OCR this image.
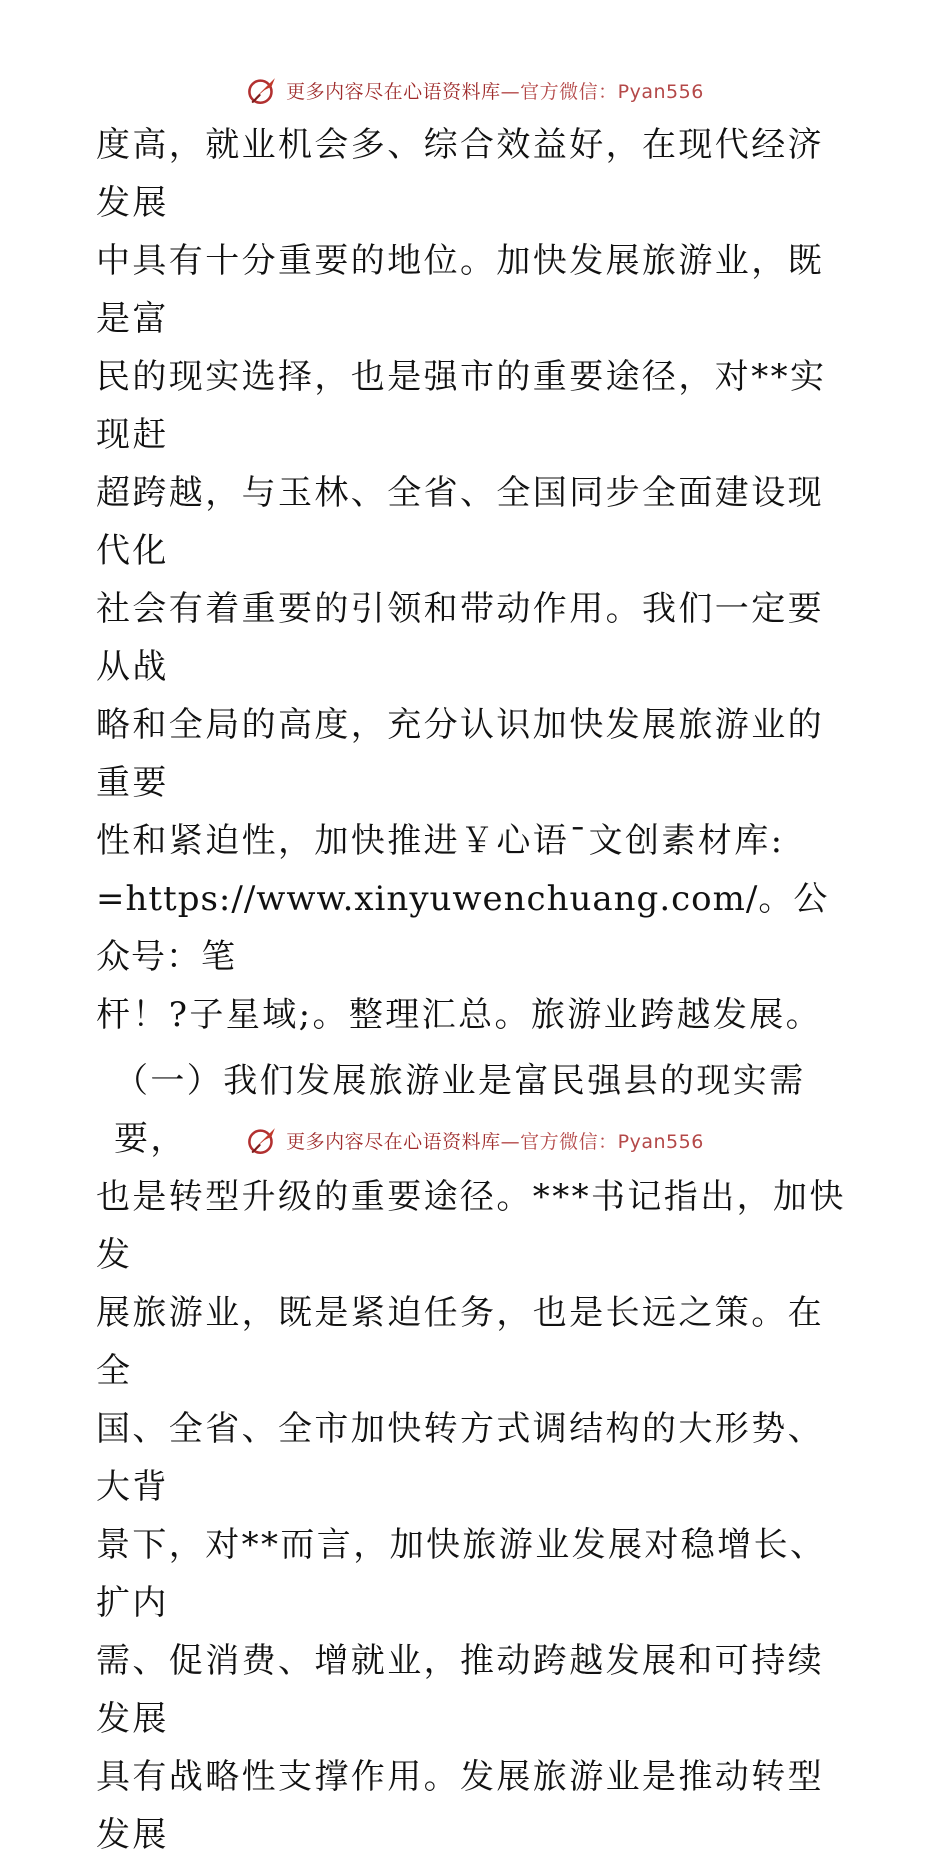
更多内容尽在心语资料库 —官方微信：Pyan556
度高，就业机会多、综合效益好，在现代经济发展
中具有十分重要的地位。加快发展旅游业，既是富
民的现实选择，也是强市的重要途径，对**实现赶
超跨越，与玉林、全省、全国同步全面建设现代化
社会有着重要的引领和带动作用。我们一定要从战
略和全局的高度，充分认识加快发展旅游业的重要
性和紧迫性，加快推进￥心语¯文创素材库:
=https://www.xinyuwenchuang.com/。公众号：笔
杆！?子星域;。整理汇总。旅游业跨越发展。
（一）我们发展旅游业是富民强县的现实需要，
也是转型升级的重要途径。***书记指出，加快发
展旅游业，既是紧迫任务，也是长远之策。在全
国、全省、全市加快转方式调结构的大形势、大背
景下，对**而言，加快旅游业发展对稳增长、扩内
需、促消费、增就业，推动跨越发展和可持续发展
具有战略性支撑作用。发展旅游业是推动转型发展
更多内容尽在心语资料库 —官方微信：Pyan556
